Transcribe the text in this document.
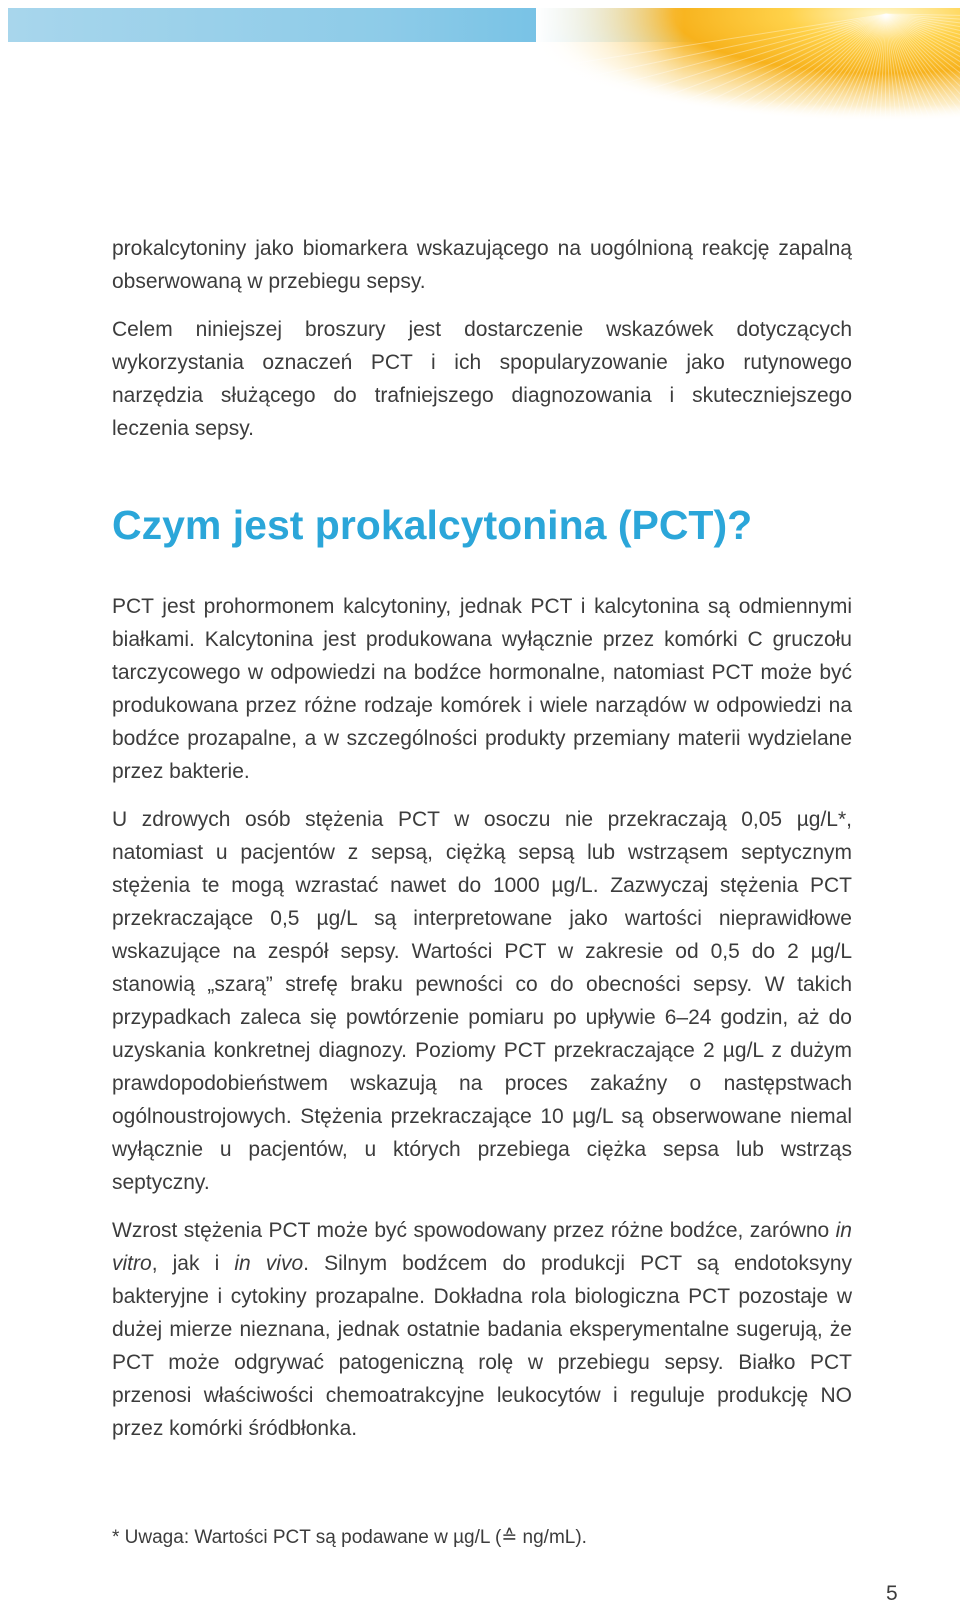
prokalcytoniny jako biomarkera wskazującego na uogólnioną reakcję zapalną obserwowaną w przebiegu sepsy.

Celem niniejszej broszury jest dostarczenie wskazówek dotyczących wykorzystania oznaczeń PCT i ich spopularyzowanie jako rutynowego narzędzia służącego do trafniejszego diagnozowania i skuteczniejszego leczenia sepsy.

Czym jest prokalcytonina (PCT)?

PCT jest prohormonem kalcytoniny, jednak PCT i kalcytonina są odmiennymi białkami. Kalcytonina jest produkowana wyłącznie przez komórki C gruczołu tarczycowego w odpowiedzi na bodźce hormonalne, natomiast PCT może być produkowana przez różne rodzaje komórek i wiele narządów w odpowiedzi na bodźce prozapalne, a w szczególności produkty przemiany materii wydzielane przez bakterie.

U zdrowych osób stężenia PCT w osoczu nie przekraczają 0,05 µg/L*, natomiast u pacjentów z sepsą, ciężką sepsą lub wstrząsem septycznym stężenia te mogą wzrastać nawet do 1000 µg/L. Zazwyczaj stężenia PCT przekraczające 0,5 µg/L są interpretowane jako wartości nieprawidłowe wskazujące na zespół sepsy. Wartości PCT w zakresie od 0,5 do 2 µg/L stanowią „szarą” strefę braku pewności co do obecności sepsy. W takich przypadkach zaleca się powtórzenie pomiaru po upływie 6–24 godzin, aż do uzyskania konkretnej diagnozy. Poziomy PCT przekraczające 2 µg/L z dużym prawdopodobieństwem wskazują na proces zakaźny o następstwach ogólnoustrojowych. Stężenia przekraczające 10 µg/L są obserwowane niemal wyłącznie u pacjentów, u których przebiega ciężka sepsa lub wstrząs septyczny.

Wzrost stężenia PCT może być spowodowany przez różne bodźce, zarówno in vitro, jak i in vivo. Silnym bodźcem do produkcji PCT są endotoksyny bakteryjne i cytokiny prozapalne. Dokładna rola biologiczna PCT pozostaje w dużej mierze nieznana, jednak ostatnie badania eksperymentalne sugerują, że PCT może odgrywać patogeniczną rolę w przebiegu sepsy. Białko PCT przenosi właściwości chemoatrakcyjne leukocytów i reguluje produkcję NO przez komórki śródbłonka.

* Uwaga: Wartości PCT są podawane w µg/L (≙ ng/mL).
5
